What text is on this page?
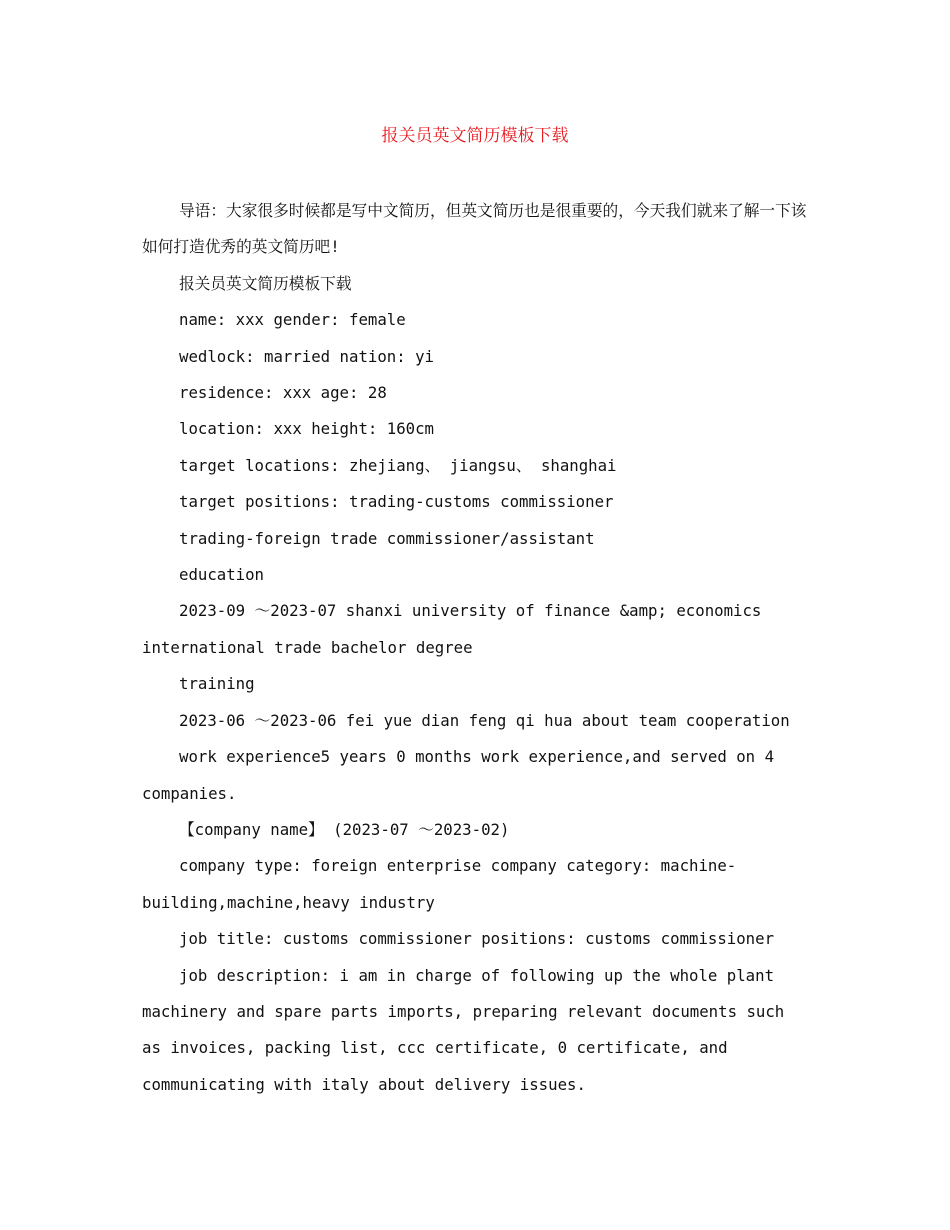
报关员英文简历模板下载

导语：大家很多时候都是写中文简历，但英文简历也是很重要的，今天我们就来了解一下该如何打造优秀的英文简历吧!

报关员英文简历模板下载

name: xxx gender: female

wedlock: married nation: yi

residence: xxx age: 28

location: xxx height: 160cm

target locations: zhejiang、 jiangsu、 shanghai

target positions: trading-customs commissioner

trading-foreign trade commissioner/assistant

education

2023-09 ～2023-07 shanxi university of finance &amp; economics international trade bachelor degree

training

2023-06 ～2023-06 fei yue dian feng qi hua about team cooperation

work experience5 years 0 months work experience,and served on 4 companies.

【company name】 (2023-07 ～2023-02)

company type: foreign enterprise company category: machine-building,machine,heavy industry

job title: customs commissioner positions: customs commissioner

job description: i am in charge of following up the whole plant machinery and spare parts imports, preparing relevant documents such as invoices, packing list, ccc certificate, 0 certificate, and communicating with italy about delivery issues.
